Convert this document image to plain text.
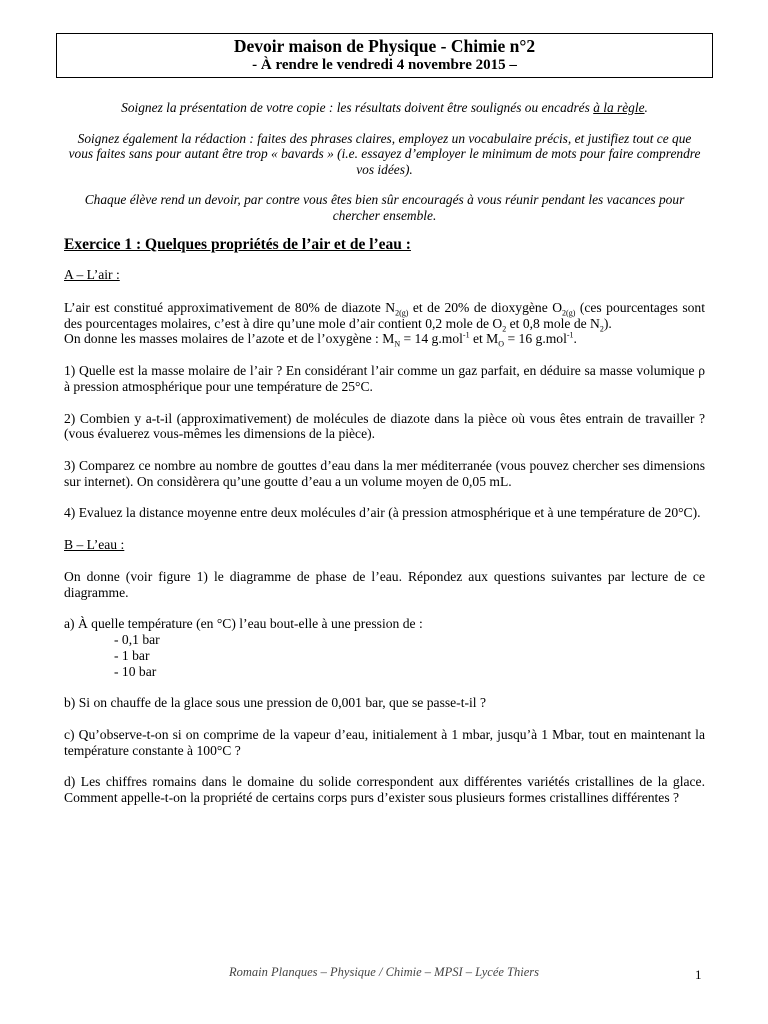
Devoir maison de Physique - Chimie n°2
- À rendre le vendredi 4 novembre 2015 –

Soignez la présentation de votre copie : les résultats doivent être soulignés ou encadrés à la règle.

Soignez également la rédaction : faites des phrases claires, employez un vocabulaire précis, et justifiez tout ce que vous faites sans pour autant être trop « bavards » (i.e. essayez d’employer le minimum de mots pour faire comprendre vos idées).

Chaque élève rend un devoir, par contre vous êtes bien sûr encouragés à vous réunir pendant les vacances pour chercher ensemble.

Exercice 1 : Quelques propriétés de l’air et de l’eau :

A – L’air :

L’air est constitué approximativement de 80% de diazote $N_{2(g)}$ et de 20% de dioxygène $O_{2(g)}$ (ces pourcentages sont des pourcentages molaires, c’est à dire qu’une mole d’air contient 0,2 mole de $O_2$ et 0,8 mole de $N_2$).

On donne les masses molaires de l’azote et de l’oxygène : $M_N = 14$ g.mol$^{-1}$ et $M_O = 16$ g.mol$^{-1}$.

1) Quelle est la masse molaire de l’air ? En considérant l’air comme un gaz parfait, en déduire sa masse volumique ρ à pression atmosphérique pour une température de 25°C.

2) Combien y a-t-il (approximativement) de molécules de diazote dans la pièce où vous êtes entrain de travailler ? (vous évaluerez vous-mêmes les dimensions de la pièce).

3) Comparez ce nombre au nombre de gouttes d’eau dans la mer méditerranée (vous pouvez chercher ses dimensions sur internet). On considèrera qu’une goutte d’eau a un volume moyen de 0,05 mL.

4) Evaluez la distance moyenne entre deux molécules d’air (à pression atmosphérique et à une température de 20°C).

B – L’eau :

On donne (voir figure 1) le diagramme de phase de l’eau. Répondez aux questions suivantes par lecture de ce diagramme.

a) À quelle température (en °C) l’eau bout-elle à une pression de :

- 0,1 bar
- 1 bar
- 10 bar

b) Si on chauffe de la glace sous une pression de 0,001 bar, que se passe-t-il ?

c) Qu’observe-t-on si on comprime de la vapeur d’eau, initialement à 1 mbar, jusqu’à 1 Mbar, tout en maintenant la température constante à 100°C ?

d) Les chiffres romains dans le domaine du solide correspondent aux différentes variétés cristallines de la glace. Comment appelle-t-on la propriété de certains corps purs d’exister sous plusieurs formes cristallines différentes ?

Romain Planques – Physique / Chimie – MPSI – Lycée Thiers	1
